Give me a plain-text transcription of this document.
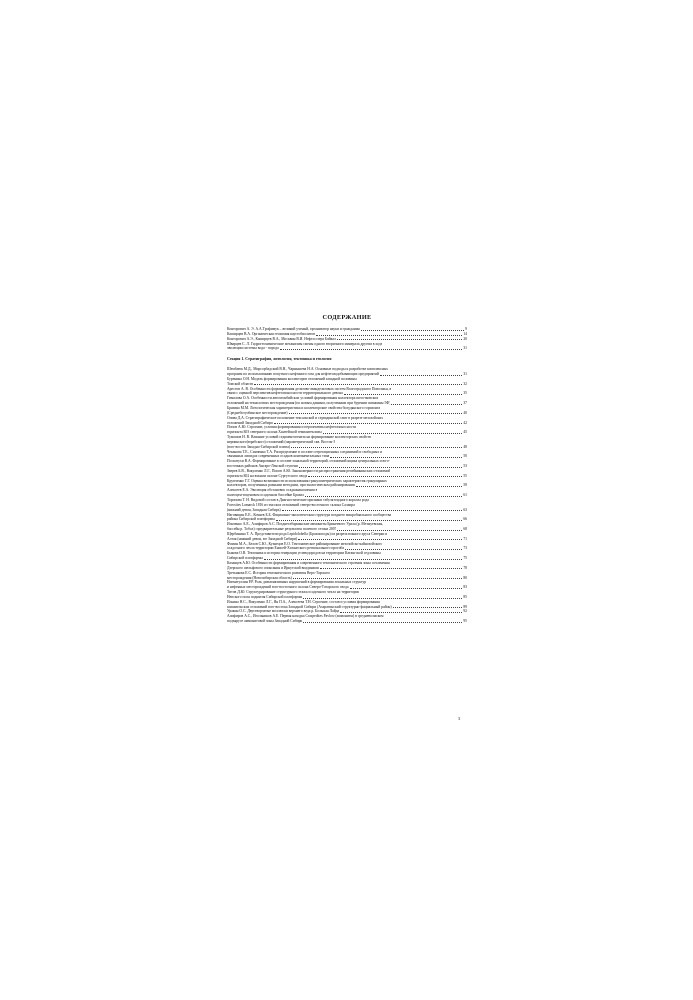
СОДЕРЖАНИЕ
Конторович А. Э. А.А.Трофимук – великий ученый, организатор науки и гражданин	9
Каширцев В.А. Органическая геохимия каустобиолитов	14
Конторович А.Э., Каширцев В.А., Москвин В.И. Нефти озера Байкал	20
Шварцев С. Л. Гидрогеохимические механизмы смены одного вторичного минерала другим в ходе
эволюции системы вода - порода	31
Секция 1. Стратиграфия, литология, тектоника и геология
Шемблюк М.Д., Мирсорбадский В.Н., Чарнышева Н.А. Основные подходы к разработке комплексных
программ по использованию попутного нефтяного газа для нефтегазодобывающих предприятий	31
Буренина О.Н. Модель формирования коллекторов отложений западной половины
Томской области	32
Арестов А. В. Особенности формирования дельтово-авандельтовых систем Волгоградского Поволжья, в
связи с оценкой перспектив нефтегазоносности территориального девона	35
Гималова О.А. Особенности автохтонбийских условий формирования коллектора шеостковских
отложений на технологиях месторождения (по новым данным, полученным при бурении скважины 5Ф)	37
Брязина М.М. Литологическая характеристика и коллекторские свойства болудянского горизонта
(Среднеботуобинское месторождение)	40
Олива Д.А. Стратиграфическое положение тексальской и седвадинской свит в разрезе мезозойских
отложений Западной Сибири	42
Попов А.Ю. Строение, условия формирования и перспективы нефтегазоносности
горизонта Ю3 северного склона Хантейской гемиантеклизы	45
Тумашов Н. В. Влияние условий седиментогенеза на формирование коллекторских свойств
нерпинского(юрабского) отложений (параметрический скв. Восток-3
(юго-восток Западно-Сибирской плиты)	48
Чеканова Т.Е., Синченко Т.А. Распределение в составе сегрегационных соединений и свободных и
связанных липидах современных осадков континентальных типа	50
Поскатухи В.А. Формирование в составе зональной территорий, отложений ящика центральных и юго-
восточных районов Ангаро-Ленской ступени	53
Зверев Б.В., Вакуленко Л.Г., Попов А.Ю. Закономерности распространения репейнининских отложений
горизонта Ю2 на южном склоне Сургутского свода	55
Крупченко Г.Г. Оценка возможности использования гранулометрических характеристик гранулярных
коллекторов, полученных разными методами, при экологическом районировании	58
Алексеев Е.А. Эволюция обстановок осадконакопления в
палеоцен-эоценовом осадочном бассейне Бразил	61
Торопова Т. Н. Видовой состав в Диагностические признаки табулятоидного коралла рода
Favosites Lamarck 1816 из эмсских отложений северо-восточного склона Салаира
(нижний девон, Западная Сибирь)	63
Наговицин Е.Е., Кочнев Б.Б. Фациально-экологическая структура позднего микробиального сообщества
района Сибирской платформы	66
Ильченко А.Е., Алифиров А.С. Позднетабарманские аммониты Бринеевого Урала (р. Мезжуевская,
бассейн р. Тобол): предварительные результаты полевого сезона 2007	68
Щербинина Т. А. Представители рода Lepidolobella (Брахиоподы) из разреза южного хруса Северки и
Алтая (нижний девон, юг Западной Сибири)	71
Фомин М.А., Белов С.Ю., Кузнецов Е.О. Тектоническое районирование мезозойско-кайнозойского
осадочного чехла территории Енисей-Хатангского регионального прогиба	73
Быкова О.В. Тектоника и история генерации углеводородов на территории Катангской седловины
Сибирской платформы	75
Казанцев А.Ю. Особенности формирования и современного тектонического строения зоны сочленения
Дзерского шельфового опоясания и Иркутской впадинами	78
Третьякова Е.С. История тектонического развития Верх-Тарского
месторождения (Новосибирская область)	80
Нигматуллин Р.Р. Роль дизъюнктивных нарушений в формировании локальных структур
и нефтяных месторождений юго-восточного склона Северо-Татарского свода	83
Титов Д.Ю. Структурирование структурного этажа осадочного чехла на территории
Непского поля поднятия Сибирской платформы	85
Ильина Н.С., Вакуленко Л.Г., Ян П.А., Алексеева Т.Н. Строение, состав и условия формирования
шишмельских отложений юго-востока Западной Сибири (Ахаратинский структурно-фациальный район)	89
Уракин О.С. Двустворчатые моллюски верхнего веда р. Большая Лайда	92
Алифиров А.С., Игольников А.Е. Первая находка Craspedites Pavlow (аммониты) в средневолжском
подъярусе аммонитовой зоны Западной Сибири	95
3
